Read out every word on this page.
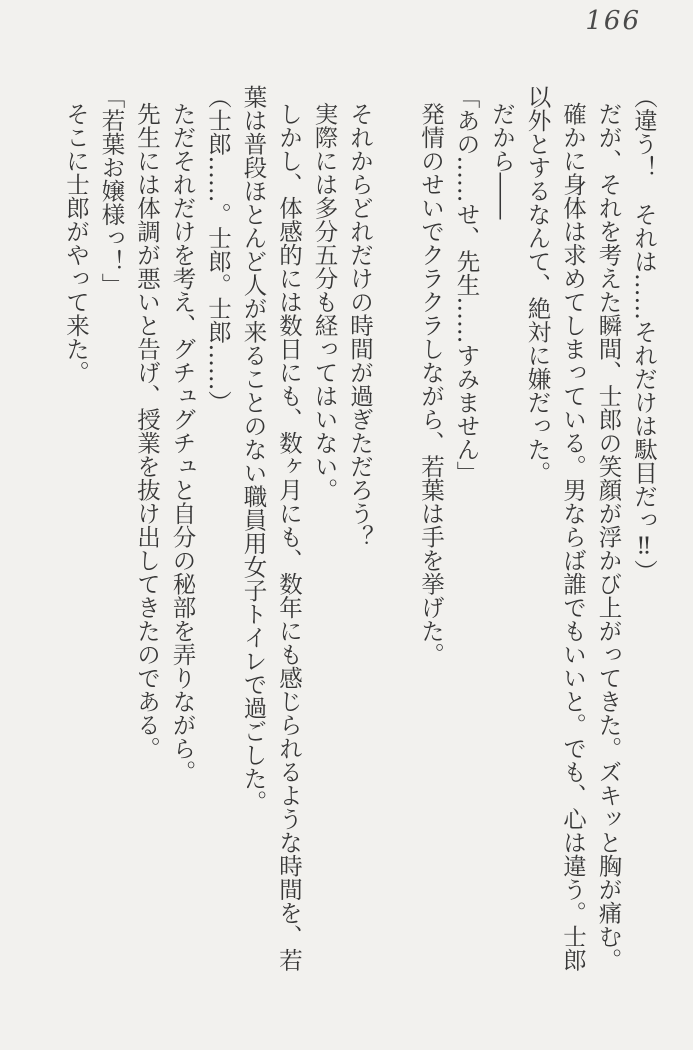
166

（違う！　それは……それだけは駄目だっ‼）

だが、それを考えた瞬間、士郎の笑顔が浮かび上がってきた。ズキッと胸が痛む。

確かに身体は求めてしまっている。男ならば誰でもいいと。でも、心は違う。士郎

以外とするなんて、絶対に嫌だった。

だから――

「あの……せ、先生……すみません」

発情のせいでクラクラしながら、若葉は手を挙げた。

それからどれだけの時間が過ぎただろう？

実際には多分五分も経ってはいない。

しかし、体感的には数日にも、数ヶ月にも、数年にも感じられるような時間を、若

葉は普段ほとんど人が来ることのない職員用女子トイレで過ごした。

（士郎……。士郎。士郎……）

ただそれだけを考え、グチュグチュと自分の秘部を弄りながら。

先生には体調が悪いと告げ、授業を抜け出してきたのである。

「若葉お嬢様っ！」

そこに士郎がやって来た。
